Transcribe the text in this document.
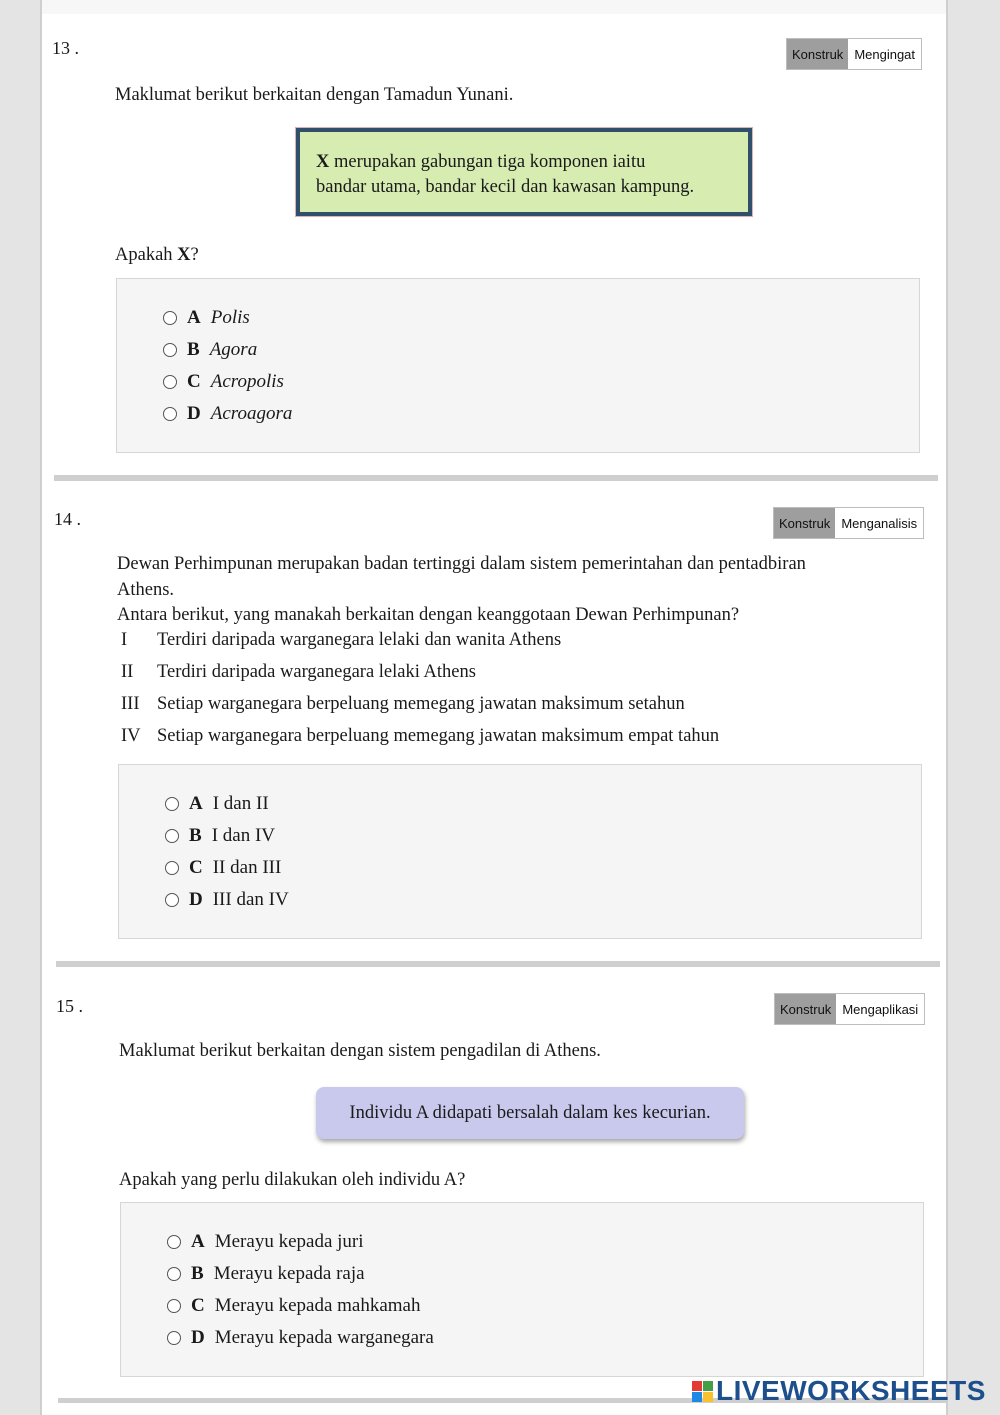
13 .	Konstruk Mengingat
Maklumat berikut berkaitan dengan Tamadun Yunani.
X merupakan gabungan tiga komponen iaitu
bandar utama, bandar kecil dan kawasan kampung.
Apakah X?
A Polis
B Agora
C Acropolis
D Acroagora
14 .	Konstruk Menganalisis
Dewan Perhimpunan merupakan badan tertinggi dalam sistem pemerintahan dan pentadbiran
Athens.
Antara berikut, yang manakah berkaitan dengan keanggotaan Dewan Perhimpunan?
I	Terdiri daripada warganegara lelaki dan wanita Athens
II	Terdiri daripada warganegara lelaki Athens
III Setiap warganegara berpeluang memegang jawatan maksimum setahun
IV Setiap warganegara berpeluang memegang jawatan maksimum empat tahun
A I dan II
B I dan IV
C II dan III
D III dan IV
15 .	Konstruk Mengaplikasi
Maklumat berikut berkaitan dengan sistem pengadilan di Athens.
Individu A didapati bersalah dalam kes kecurian.
Apakah yang perlu dilakukan oleh individu A?
A Merayu kepada juri
B Merayu kepada raja
C Merayu kepada mahkamah
D Merayu kepada warganegara
LIVEWORKSHEETS
